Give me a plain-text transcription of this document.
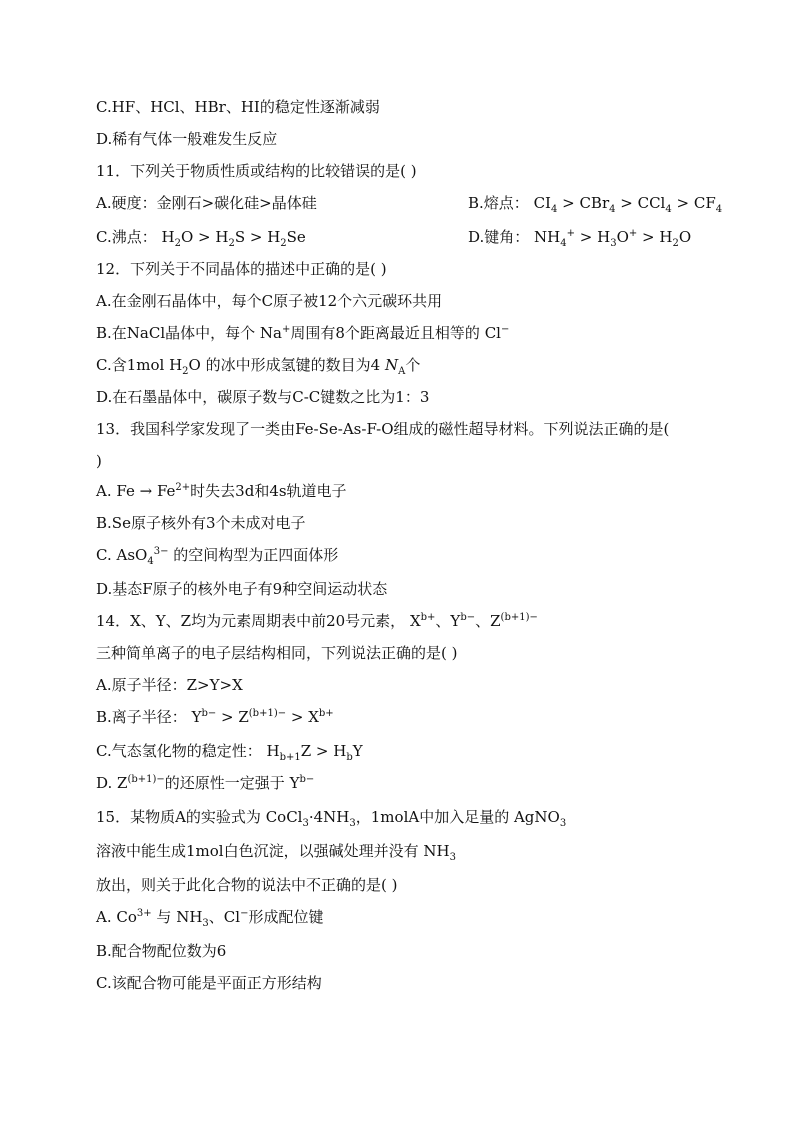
C.HF、HCl、HBr、HI的稳定性逐渐减弱
D.稀有气体一般难发生反应
11．下列关于物质性质或结构的比较错误的是( )
A.硬度：金刚石>碳化硅>晶体硅	B.熔点： $CI_4 > CBr_4 > CCl_4 > CF_4$
C.沸点： $H_2O > H_2S > H_2Se$	D.键角： $NH_4^+ > H_3O^+ > H_2O$
12．下列关于不同晶体的描述中正确的是( )
A.在金刚石晶体中，每个C原子被12个六元碳环共用
B.在NaCl晶体中，每个 Na+周围有8个距离最近且相等的 Cl−
C.含1mol $H_2O$ 的冰中形成氢键的数目为4 $N_A$个
D.在石墨晶体中，碳原子数与C-C键数之比为1：3
13．我国科学家发现了一类由Fe-Se-As-F-O组成的磁性超导材料。下列说法正确的是(
)
A. $Fe \to Fe^{2+}$时失去3d和4s轨道电子
B.Se原子核外有3个未成对电子
C. AsO$_4^{3-}$ 的空间构型为正四面体形
D.基态F原子的核外电子有9种空间运动状态
14．X、Y、Z均为元素周期表中前20号元素， $X^{b+}$、$Y^{b-}$、$Z^{(b+1)-}$
三种简单离子的电子层结构相同，下列说法正确的是( )
A.原子半径：Z>Y>X
B.离子半径： $Y^{b-} > Z^{(b+1)-} > X^{b+}$
C.气态氢化物的稳定性： $H_{b+1}Z > H_bY$
D. $Z^{(b+1)-}$的还原性一定强于 $Y^{b-}$
15．某物质A的实验式为 $CoCl_3\cdot 4NH_3$，1molA中加入足量的 AgNO$_3$
溶液中能生成1mol白色沉淀，以强碱处理并没有 $NH_3$
放出，则关于此化合物的说法中不正确的是( )
A. $Co^{3+}$ 与 $NH_3$、Cl−形成配位键
B.配合物配位数为6
C.该配合物可能是平面正方形结构
